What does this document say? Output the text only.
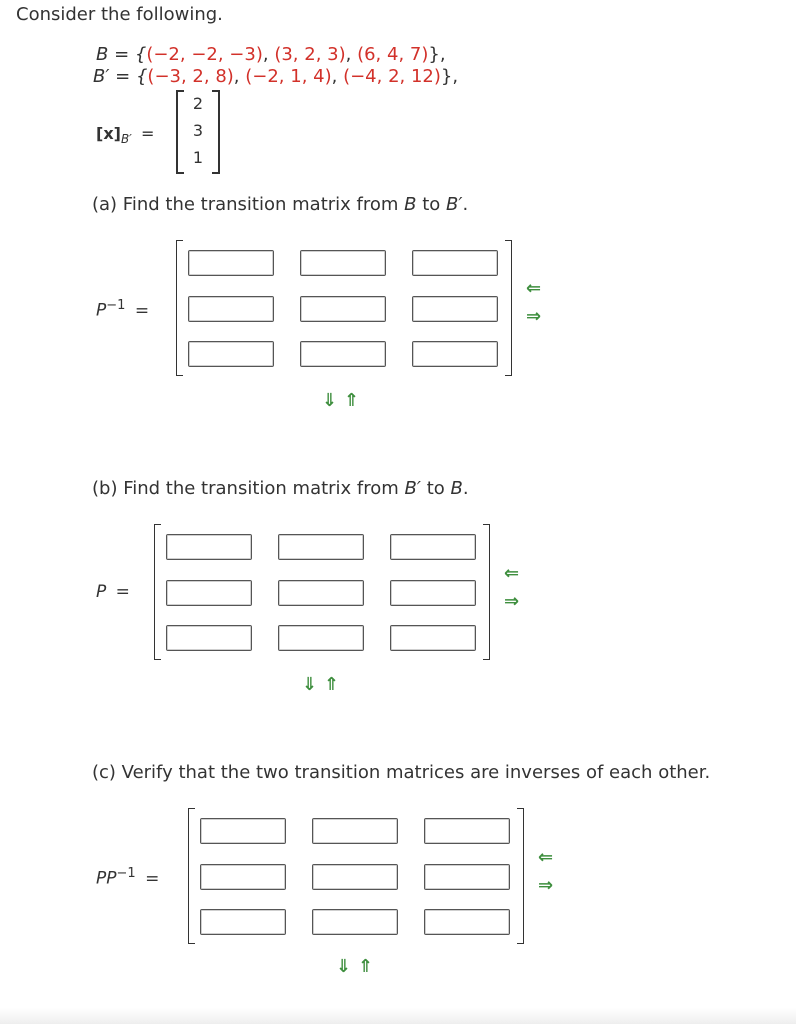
Consider the following.
B = {(−2, −2, −3), (3, 2, 3), (6, 4, 7)},
B′ = {(−3, 2, 8), (−2, 1, 4), (−4, 2, 12)},
$[x]_{B'}$ =
2
3
1
(a) Find the transition matrix from B to B′.
$P^{-1}$ =
⇐
⇒
⇓ ⇑
(b) Find the transition matrix from B′ to B.
P =
⇐
⇒
⇓ ⇑
(c) Verify that the two transition matrices are inverses of each other.
$PP^{-1}$ =
⇐
⇒
⇓ ⇑
